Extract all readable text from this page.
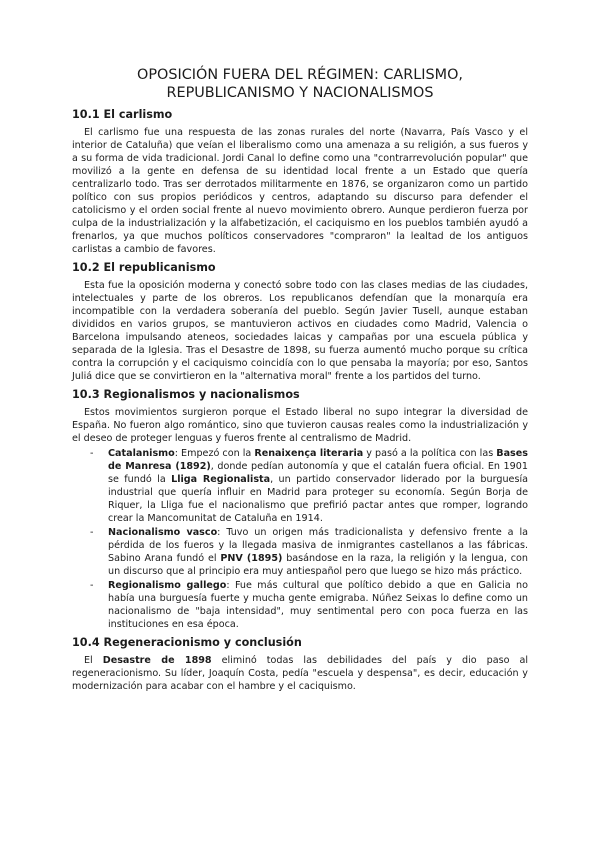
OPOSICIÓN FUERA DEL RÉGIMEN: CARLISMO, REPUBLICANISMO Y NACIONALISMOS
10.1 El carlismo

El carlismo fue una respuesta de las zonas rurales del norte (Navarra, País Vasco y el interior de Cataluña) que veían el liberalismo como una amenaza a su religión, a sus fueros y a su forma de vida tradicional. Jordi Canal lo define como una "contrarrevolución popular" que movilizó a la gente en defensa de su identidad local frente a un Estado que quería centralizarlo todo. Tras ser derrotados militarmente en 1876, se organizaron como un partido político con sus propios periódicos y centros, adaptando su discurso para defender el catolicismo y el orden social frente al nuevo movimiento obrero. Aunque perdieron fuerza por culpa de la industrialización y la alfabetización, el caciquismo en los pueblos también ayudó a frenarlos, ya que muchos políticos conservadores "compraron" la lealtad de los antiguos carlistas a cambio de favores.

10.2 El republicanismo

Esta fue la oposición moderna y conectó sobre todo con las clases medias de las ciudades, intelectuales y parte de los obreros. Los republicanos defendían que la monarquía era incompatible con la verdadera soberanía del pueblo. Según Javier Tusell, aunque estaban divididos en varios grupos, se mantuvieron activos en ciudades como Madrid, Valencia o Barcelona impulsando ateneos, sociedades laicas y campañas por una escuela pública y separada de la Iglesia. Tras el Desastre de 1898, su fuerza aumentó mucho porque su crítica contra la corrupción y el caciquismo coincidía con lo que pensaba la mayoría; por eso, Santos Juliá dice que se convirtieron en la "alternativa moral" frente a los partidos del turno.

10.3 Regionalismos y nacionalismos

Estos movimientos surgieron porque el Estado liberal no supo integrar la diversidad de España. No fueron algo romántico, sino que tuvieron causas reales como la industrialización y el deseo de proteger lenguas y fueros frente al centralismo de Madrid.

- Catalanismo: Empezó con la Renaixença literaria y pasó a la política con las Bases de Manresa (1892), donde pedían autonomía y que el catalán fuera oficial. En 1901 se fundó la Lliga Regionalista, un partido conservador liderado por la burguesía industrial que quería influir en Madrid para proteger su economía. Según Borja de Riquer, la Lliga fue el nacionalismo que prefirió pactar antes que romper, logrando crear la Mancomunitat de Cataluña en 1914.
- Nacionalismo vasco: Tuvo un origen más tradicionalista y defensivo frente a la pérdida de los fueros y la llegada masiva de inmigrantes castellanos a las fábricas. Sabino Arana fundó el PNV (1895) basándose en la raza, la religión y la lengua, con un discurso que al principio era muy antiespañol pero que luego se hizo más práctico.
- Regionalismo gallego: Fue más cultural que político debido a que en Galicia no había una burguesía fuerte y mucha gente emigraba. Núñez Seixas lo define como un nacionalismo de "baja intensidad", muy sentimental pero con poca fuerza en las instituciones en esa época.
10.4 Regeneracionismo y conclusión

El Desastre de 1898 eliminó todas las debilidades del país y dio paso al regeneracionismo. Su líder, Joaquín Costa, pedía "escuela y despensa", es decir, educación y modernización para acabar con el hambre y el caciquismo.
